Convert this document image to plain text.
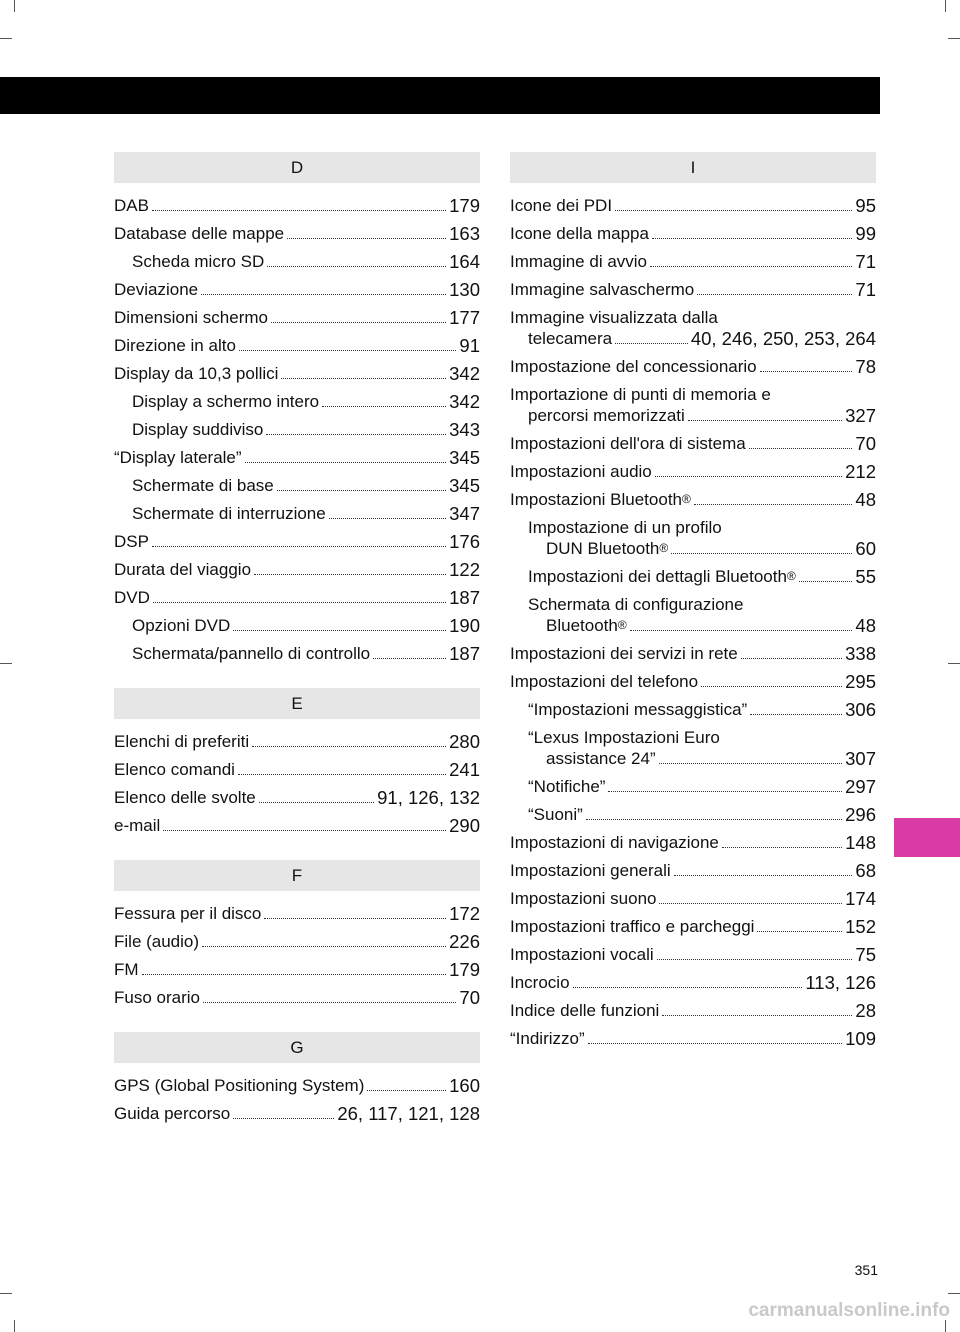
D
DAB	179
Database delle mappe	163
Scheda micro SD	164
Deviazione	130
Dimensioni schermo	177
Direzione in alto	91
Display da 10,3 pollici	342
Display a schermo intero	342
Display suddiviso	343
“Display laterale”	345
Schermate di base	345
Schermate di interruzione	347
DSP	176
Durata del viaggio	122
DVD	187
Opzioni DVD	190
Schermata/pannello di controllo	187
E
Elenchi di preferiti	280
Elenco comandi	241
Elenco delle svolte	91, 126, 132
e-mail	290
F
Fessura per il disco	172
File (audio)	226
FM	179
Fuso orario	70
G
GPS (Global Positioning System)	160
Guida percorso	26, 117, 121, 128
I
Icone dei PDI	95
Icone della mappa	99
Immagine di avvio	71
Immagine salvaschermo	71
Immagine visualizzata dalla
telecamera	40, 246, 250, 253, 264
Impostazione del concessionario	78
Importazione di punti di memoria e
percorsi memorizzati	327
Impostazioni dell'ora di sistema	70
Impostazioni audio	212
Impostazioni Bluetooth ®	48
Impostazione di un profilo
DUN Bluetooth ®	60
Impostazioni dei dettagli Bluetooth ®	55
Schermata di configurazione
Bluetooth ®	48
Impostazioni dei servizi in rete	338
Impostazioni del telefono	295
“Impostazioni messaggistica”	306
“Lexus Impostazioni Euro
assistance 24”	307
“Notifiche”	297
“Suoni”	296
Impostazioni di navigazione	148
Impostazioni generali	68
Impostazioni suono	174
Impostazioni traffico e parcheggi	152
Impostazioni vocali	75
Incrocio	113, 126
Indice delle funzioni	28
“Indirizzo”	109
351
carmanualsonline.info
